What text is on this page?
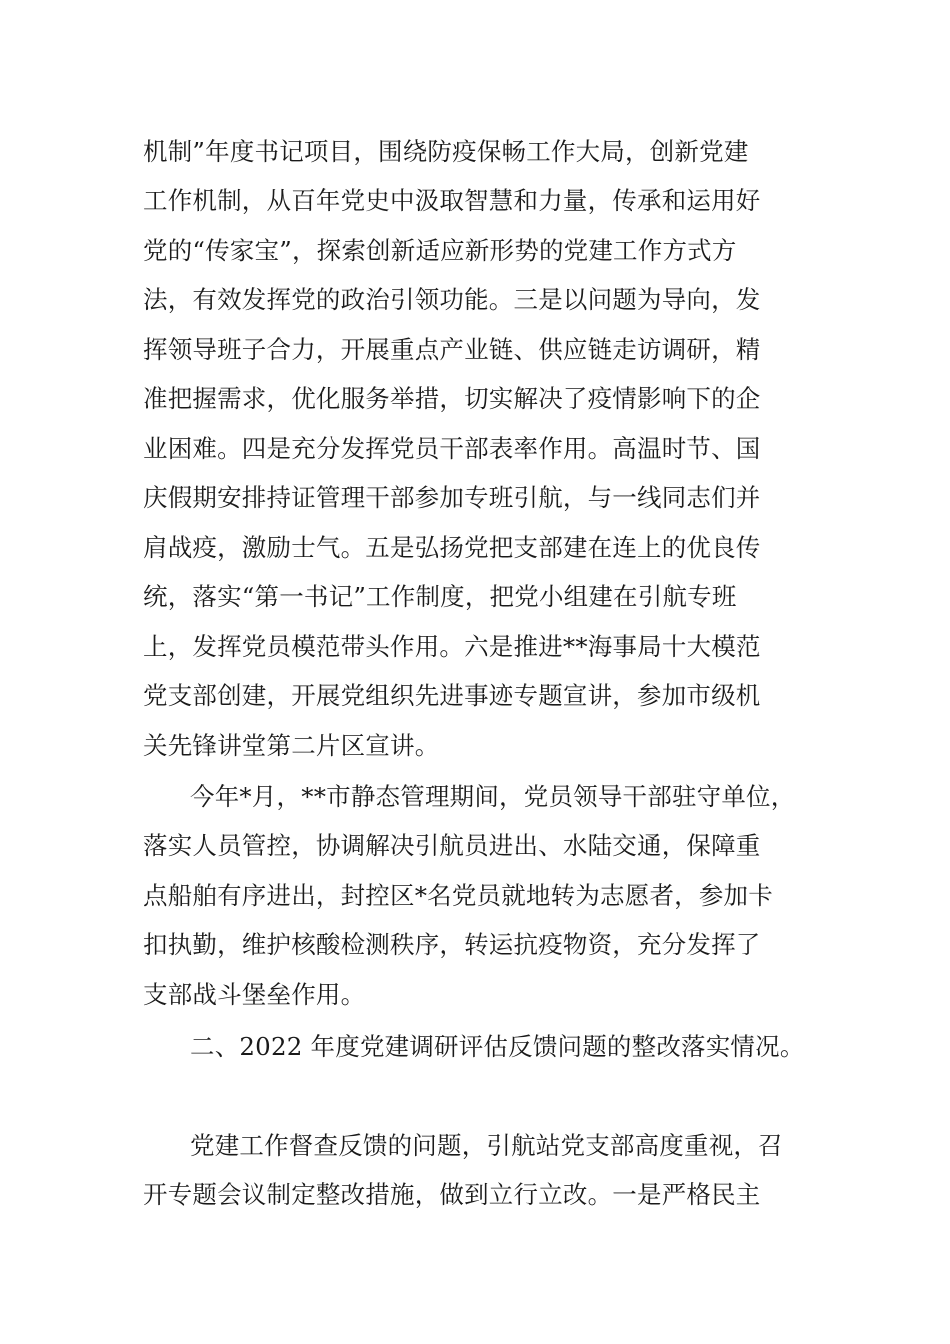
机制”年度书记项目，围绕防疫保畅工作大局，创新党建
工作机制，从百年党史中汲取智慧和力量，传承和运用好
党的“传家宝”，探索创新适应新形势的党建工作方式方
法，有效发挥党的政治引领功能。三是以问题为导向，发
挥领导班子合力，开展重点产业链、供应链走访调研，精
准把握需求，优化服务举措，切实解决了疫情影响下的企
业困难。四是充分发挥党员干部表率作用。高温时节、国
庆假期安排持证管理干部参加专班引航，与一线同志们并
肩战疫，激励士气。五是弘扬党把支部建在连上的优良传
统，落实“第一书记”工作制度，把党小组建在引航专班
上，发挥党员模范带头作用。六是推进**海事局十大模范
党支部创建，开展党组织先进事迹专题宣讲，参加市级机
关先锋讲堂第二片区宣讲。
今年*月，**市静态管理期间，党员领导干部驻守单位，
落实人员管控，协调解决引航员进出、水陆交通，保障重
点船舶有序进出，封控区*名党员就地转为志愿者，参加卡
扣执勤，维护核酸检测秩序，转运抗疫物资，充分发挥了
支部战斗堡垒作用。
二、2022 年度党建调研评估反馈问题的整改落实情况。
党建工作督查反馈的问题，引航站党支部高度重视，召
开专题会议制定整改措施，做到立行立改。一是严格民主
